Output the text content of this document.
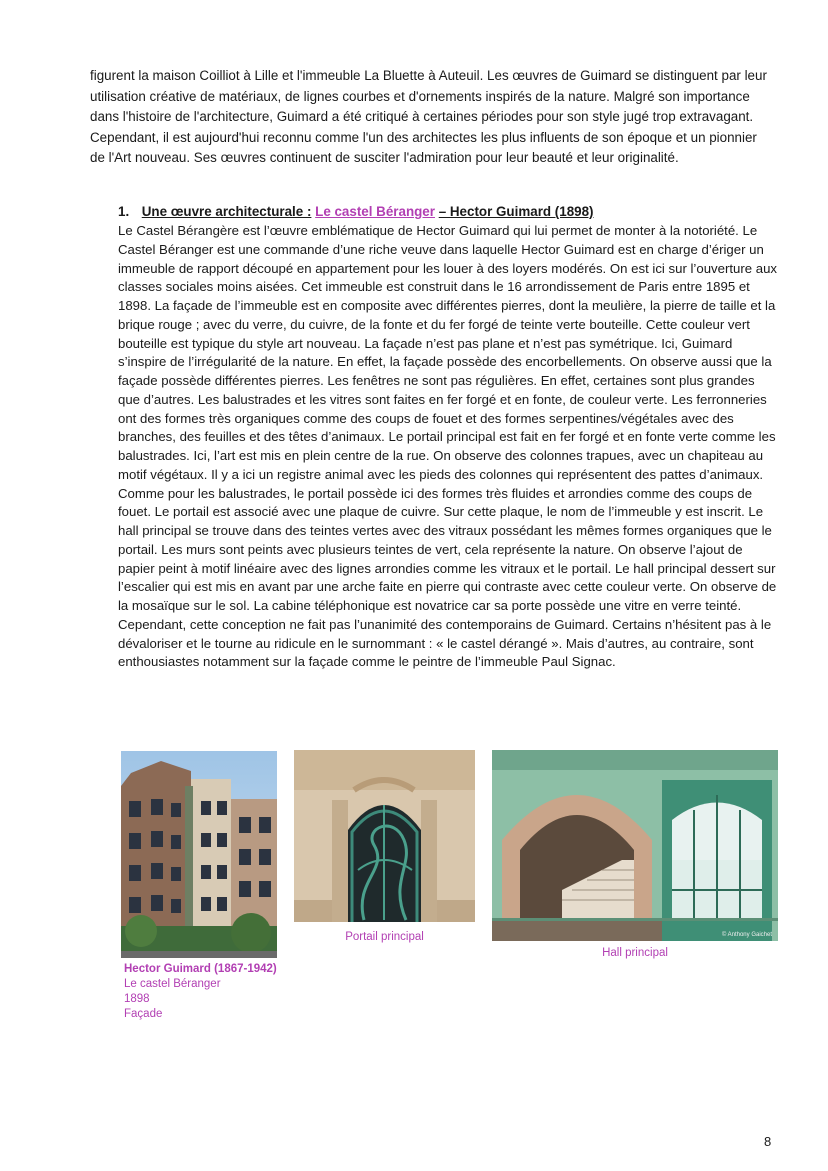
figurent la maison Coilliot à Lille et l'immeuble La Bluette à Auteuil. Les œuvres de Guimard se distinguent par leur utilisation créative de matériaux, de lignes courbes et d'ornements inspirés de la nature. Malgré son importance dans l'histoire de l'architecture, Guimard a été critiqué à certaines périodes pour son style jugé trop extravagant. Cependant, il est aujourd'hui reconnu comme l'un des architectes les plus influents de son époque et un pionnier de l'Art nouveau. Ses œuvres continuent de susciter l'admiration pour leur beauté et leur originalité.

1. Une œuvre architecturale : Le castel Béranger – Hector Guimard (1898)

Le Castel Bérangère est l’œuvre emblématique de Hector Guimard qui lui permet de monter à la notoriété. Le Castel Béranger est une commande d’une riche veuve dans laquelle Hector Guimard est en charge d’ériger un immeuble de rapport découpé en appartement pour les louer à des loyers modérés. On est ici sur l’ouverture aux classes sociales moins aisées. Cet immeuble est construit dans le 16 arrondissement de Paris entre 1895 et 1898. La façade de l’immeuble est en composite avec différentes pierres, dont la meulière, la pierre de taille et la brique rouge ; avec du verre, du cuivre, de la fonte et du fer forgé de teinte verte bouteille. Cette couleur vert bouteille est typique du style art nouveau. La façade n’est pas plane et n’est pas symétrique. Ici, Guimard s’inspire de l’irrégularité de la nature. En effet, la façade possède des encorbellements. On observe aussi que la façade possède différentes pierres. Les fenêtres ne sont pas régulières. En effet, certaines sont plus grandes que d’autres. Les balustrades et les vitres sont faites en fer forgé et en fonte, de couleur verte. Les ferronneries ont des formes très organiques comme des coups de fouet et des formes serpentines/végétales avec des branches, des feuilles et des têtes d’animaux. Le portail principal est fait en fer forgé et en fonte verte comme les balustrades. Ici, l’art est mis en plein centre de la rue. On observe des colonnes trapues, avec un chapiteau au motif végétaux. Il y a ici un registre animal avec les pieds des colonnes qui représentent des pattes d’animaux. Comme pour les balustrades, le portail possède ici des formes très fluides et arrondies comme des coups de fouet. Le portail est associé avec une plaque de cuivre. Sur cette plaque, le nom de l’immeuble y est inscrit. Le hall principal se trouve dans des teintes vertes avec des vitraux possédant les mêmes formes organiques que le portail. Les murs sont peints avec plusieurs teintes de vert, cela représente la nature. On observe l’ajout de papier peint à motif linéaire avec des lignes arrondies comme les vitraux et le portail. Le hall principal dessert sur l’escalier qui est mis en avant par une arche faite en pierre qui contraste avec cette couleur verte. On observe de la mosaïque sur le sol. La cabine téléphonique est novatrice car sa porte possède une vitre en verre teinté.

Cependant, cette conception ne fait pas l’unanimité des contemporains de Guimard. Certains n’hésitent pas à le dévaloriser et le tourne au ridicule en le surnommant : « le castel dérangé ». Mais d’autres, au contraire, sont enthousiastes notamment sur la façade comme le peintre de l’immeuble Paul Signac.

Hector Guimard (1867-1942)
Le castel Béranger
1898
Façade
Portail principal	© Anthony Gaichet
Hall principal
8
